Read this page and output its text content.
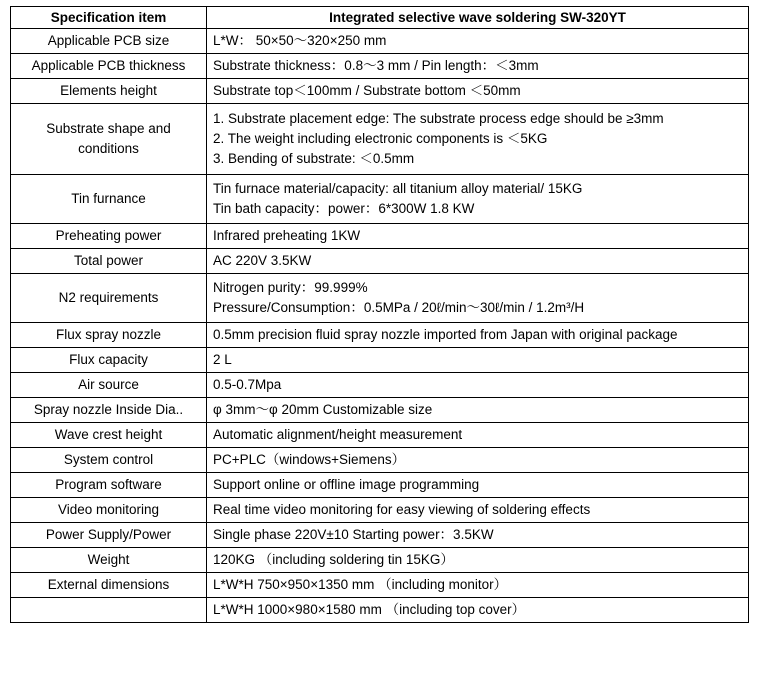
Specification item	Integrated selective wave soldering SW-320YT
Applicable PCB size	L*W： 50×50～320×250 mm

Applicable PCB thickness	Substrate thickness：0.8～3 mm / Pin length：＜3mm

Elements height	Substrate top＜100mm / Substrate bottom ＜50mm

Substrate shape and conditions	1. Substrate placement edge: The substrate process edge should be ≥3mm
2. The weight including electronic components is ＜5KG
3. Bending of substrate: ＜0.5mm

Tin furnance	Tin furnace material/capacity: all titanium alloy material/ 15KG
Tin bath capacity：power：6*300W 1.8 KW

Preheating power	Infrared preheating 1KW

Total power	AC 220V 3.5KW

N2 requirements	Nitrogen purity：99.999%
Pressure/Consumption：0.5MPa / 20ℓ/min～30ℓ/min / 1.2m³/H

Flux spray nozzle	0.5mm precision fluid spray nozzle imported from Japan with original package

Flux capacity	2 L

Air source	0.5-0.7Mpa

Spray nozzle Inside Dia..	φ 3mm～φ 20mm Customizable size

Wave crest height	Automatic alignment/height measurement

System control	PC+PLC（windows+Siemens）

Program software	Support online or offline image programming

Video monitoring	Real time video monitoring for easy viewing of soldering effects

Power Supply/Power	Single phase 220V±10 Starting power：3.5KW

Weight	120KG （including soldering tin 15KG）

External dimensions	L*W*H 750×950×1350 mm （including monitor）

	L*W*H 1000×980×1580 mm （including top cover）
